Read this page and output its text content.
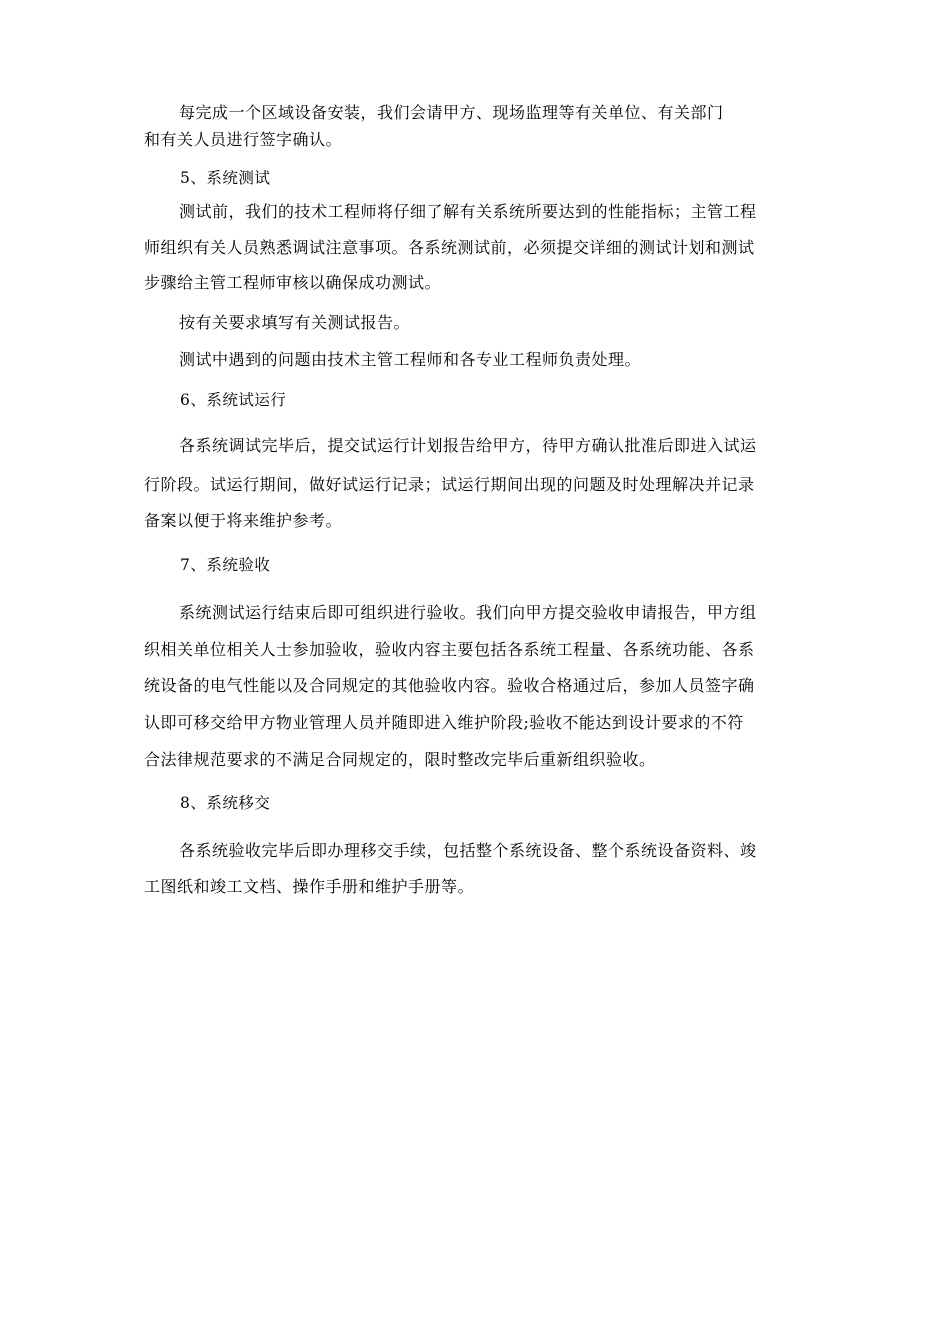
每完成一个区域设备安装，我们会请甲方、现场监理等有关单位、有关部门

和有关人员进行签字确认。

5、系统测试

测试前，我们的技术工程师将仔细了解有关系统所要达到的性能指标；主管工程

师组织有关人员熟悉调试注意事项。各系统测试前，必须提交详细的测试计划和测试

步骤给主管工程师审核以确保成功测试。

按有关要求填写有关测试报告。

测试中遇到的问题由技术主管工程师和各专业工程师负责处理。

6、系统试运行

各系统调试完毕后，提交试运行计划报告给甲方，待甲方确认批准后即进入试运

行阶段。试运行期间，做好试运行记录；试运行期间出现的问题及时处理解决并记录

备案以便于将来维护参考。

7、系统验收

系统测试运行结束后即可组织进行验收。我们向甲方提交验收申请报告，甲方组

织相关单位相关人士参加验收，验收内容主要包括各系统工程量、各系统功能、各系

统设备的电气性能以及合同规定的其他验收内容。验收合格通过后，参加人员签字确

认即可移交给甲方物业管理人员并随即进入维护阶段;验收不能达到设计要求的不符

合法律规范要求的不满足合同规定的，限时整改完毕后重新组织验收。

8、系统移交

各系统验收完毕后即办理移交手续，包括整个系统设备、整个系统设备资料、竣

工图纸和竣工文档、操作手册和维护手册等。
